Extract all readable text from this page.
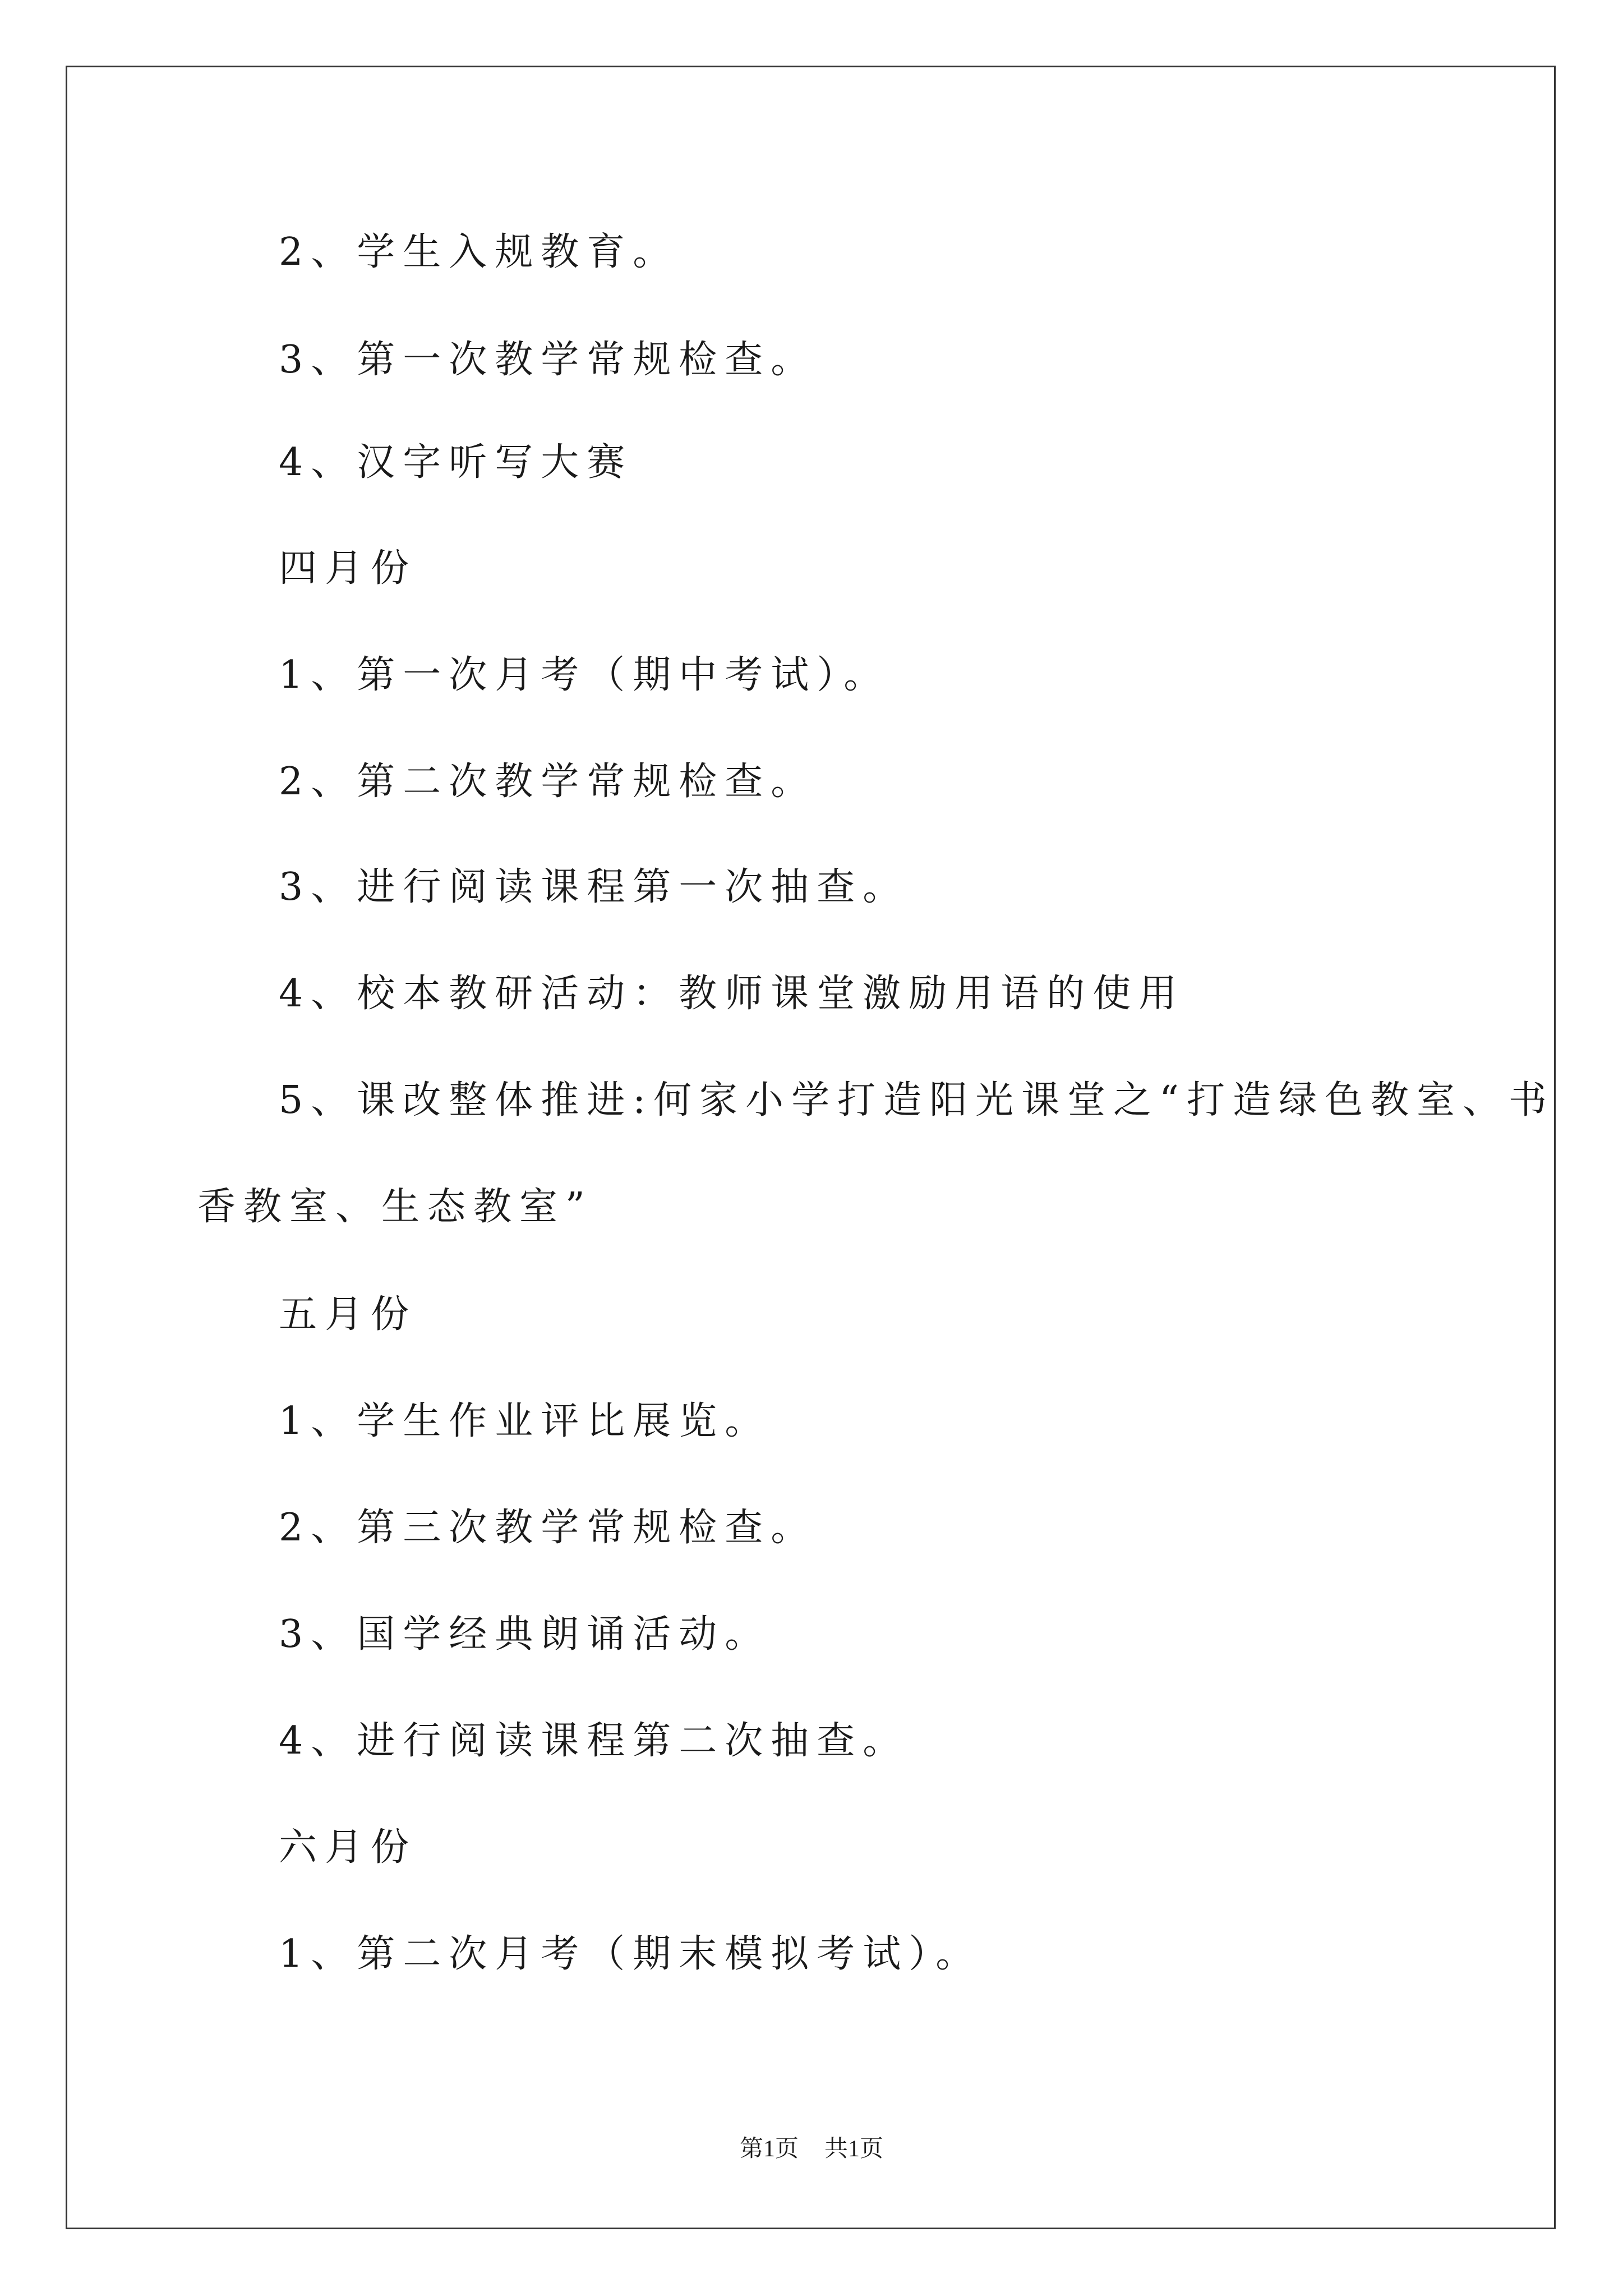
2、学生入规教育。
3、第一次教学常规检查。
4、汉字听写大赛
四月份
1、第一次月考（期中考试）。
2、第二次教学常规检查。
3、进行阅读课程第一次抽查。
4、校本教研活动：教师课堂激励用语的使用
5、课改整体推进:何家小学打造阳光课堂之“打造绿色教室、书
香教室、生态教室”
五月份
1、学生作业评比展览。
2、第三次教学常规检查。
3、国学经典朗诵活动。
4、进行阅读课程第二次抽查。
六月份
1、第二次月考（期末模拟考试）。
第1页 共1页
